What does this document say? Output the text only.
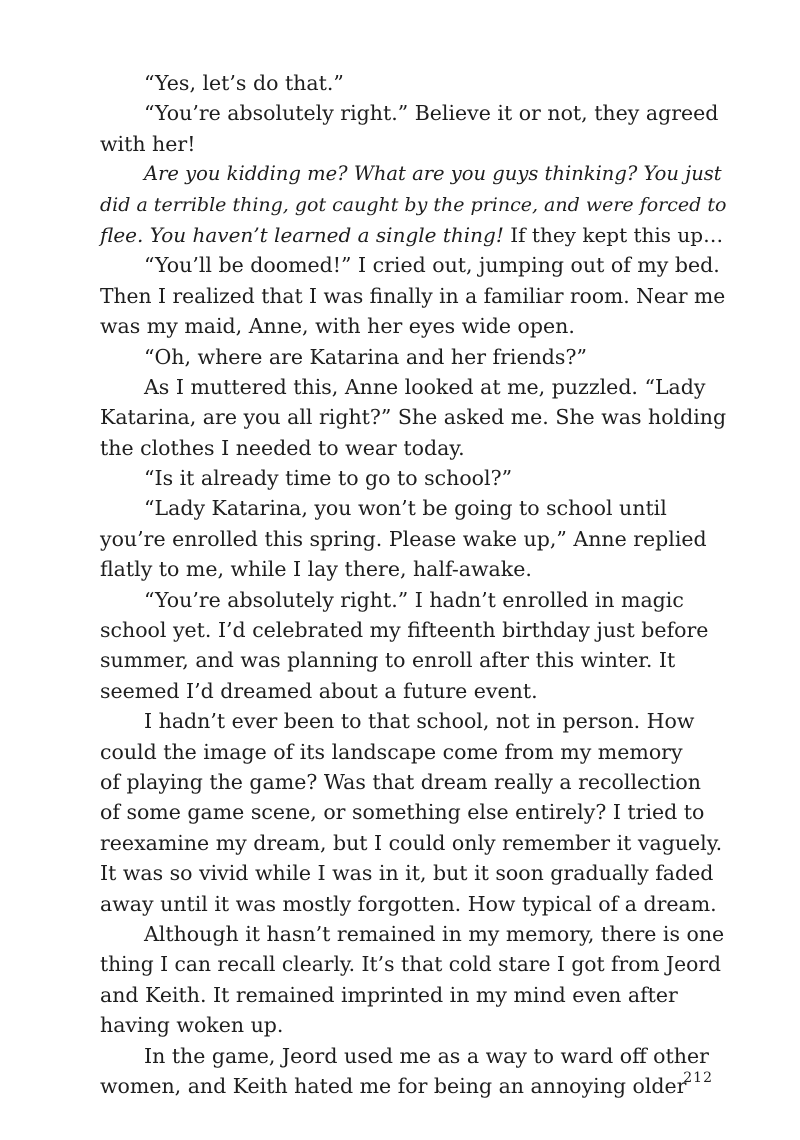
“Yes, let’s do that.”
“You’re absolutely right.” Believe it or not, they agreed
with her!
Are you kidding me? What are you guys thinking? You just
did a terrible thing, got caught by the prince, and were forced to
flee. You haven’t learned a single thing! If they kept this up…
“You’ll be doomed!” I cried out, jumping out of my bed.
Then I realized that I was finally in a familiar room. Near me
was my maid, Anne, with her eyes wide open.
“Oh, where are Katarina and her friends?”
As I muttered this, Anne looked at me, puzzled. “Lady
Katarina, are you all right?” She asked me. She was holding
the clothes I needed to wear today.
“Is it already time to go to school?”
“Lady Katarina, you won’t be going to school until
you’re enrolled this spring. Please wake up,” Anne replied
flatly to me, while I lay there, half-awake.
“You’re absolutely right.” I hadn’t enrolled in magic
school yet. I’d celebrated my fifteenth birthday just before
summer, and was planning to enroll after this winter. It
seemed I’d dreamed about a future event.
I hadn’t ever been to that school, not in person. How
could the image of its landscape come from my memory
of playing the game? Was that dream really a recollection
of some game scene, or something else entirely? I tried to
reexamine my dream, but I could only remember it vaguely.
It was so vivid while I was in it, but it soon gradually faded
away until it was mostly forgotten. How typical of a dream.
Although it hasn’t remained in my memory, there is one
thing I can recall clearly. It’s that cold stare I got from Jeord
and Keith. It remained imprinted in my mind even after
having woken up.
In the game, Jeord used me as a way to ward off other
women, and Keith hated me for being an annoying older
212
